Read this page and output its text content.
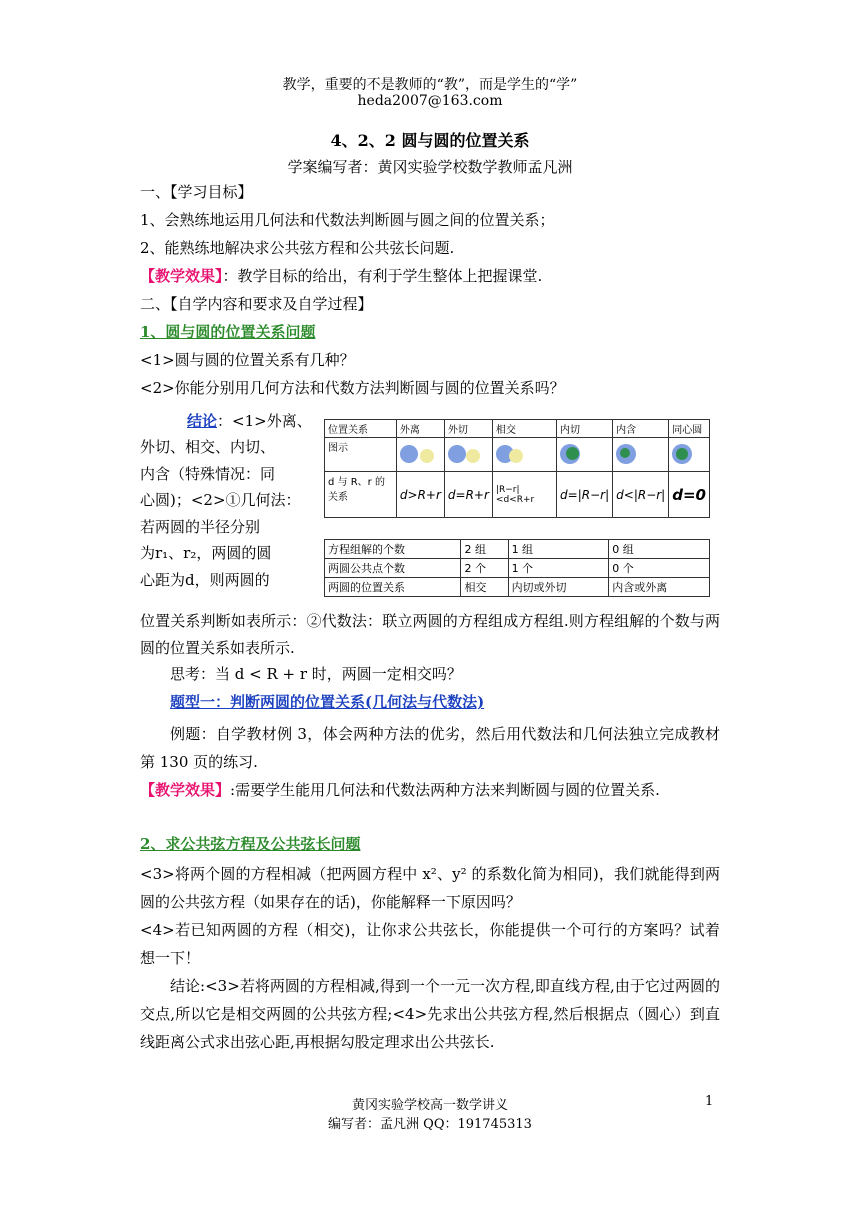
教学，重要的不是教师的“教”，而是学生的“学”
heda2007@163.com
4、2、2 圆与圆的位置关系
学案编写者：黄冈实验学校数学教师孟凡洲
一、【学习目标】
1、会熟练地运用几何法和代数法判断圆与圆之间的位置关系；
2、能熟练地解决求公共弦方程和公共弦长问题.
【教学效果】：教学目标的给出，有利于学生整体上把握课堂.
二、【自学内容和要求及自学过程】
1、圆与圆的位置关系问题
<1>圆与圆的位置关系有几种？
<2>你能分别用几何方法和代数方法判断圆与圆的位置关系吗？
结论：<1>外离、
外切、相交、内切、
内含（特殊情况：同
心圆)；<2>①几何法：
若两圆的半径分别
为r₁、r₂，两圆的圆
心距为d，则两圆的
位置关系	外离	外切	相交	内切	内含	同心圆
图示				

d 与 R、r 的关系	d>R+r	d=R+r	|R−r|<d<R+r	d=|R−r|	d<|R−r|	d=0
方程组解的个数	2 组	1 组	0 组
两圆公共点个数	2 个	1 个	0 个
两圆的位置关系	相交	内切或外切	内含或外离
位置关系判断如表所示：②代数法：联立两圆的方程组成方程组.则方程组解的个数与两圆的位置关系如表所示.
思考：当 d < R + r 时，两圆一定相交吗？
题型一：判断两圆的位置关系(几何法与代数法)
例题：自学教材例 3，体会两种方法的优劣，然后用代数法和几何法独立完成教材第 130 页的练习.
【教学效果】:需要学生能用几何法和代数法两种方法来判断圆与圆的位置关系.
2、求公共弦方程及公共弦长问题
<3>将两个圆的方程相减（把两圆方程中 x²、y² 的系数化简为相同)，我们就能得到两圆的公共弦方程（如果存在的话)，你能解释一下原因吗？
<4>若已知两圆的方程（相交)，让你求公共弦长，你能提供一个可行的方案吗？试着想一下！
结论:<3>若将两圆的方程相减,得到一个一元一次方程,即直线方程,由于它过两圆的交点,所以它是相交两圆的公共弦方程;<4>先求出公共弦方程,然后根据点（圆心）到直线距离公式求出弦心距,再根据勾股定理求出公共弦长.
黄冈实验学校高一数学讲义	1
编写者：孟凡洲 QQ：191745313
